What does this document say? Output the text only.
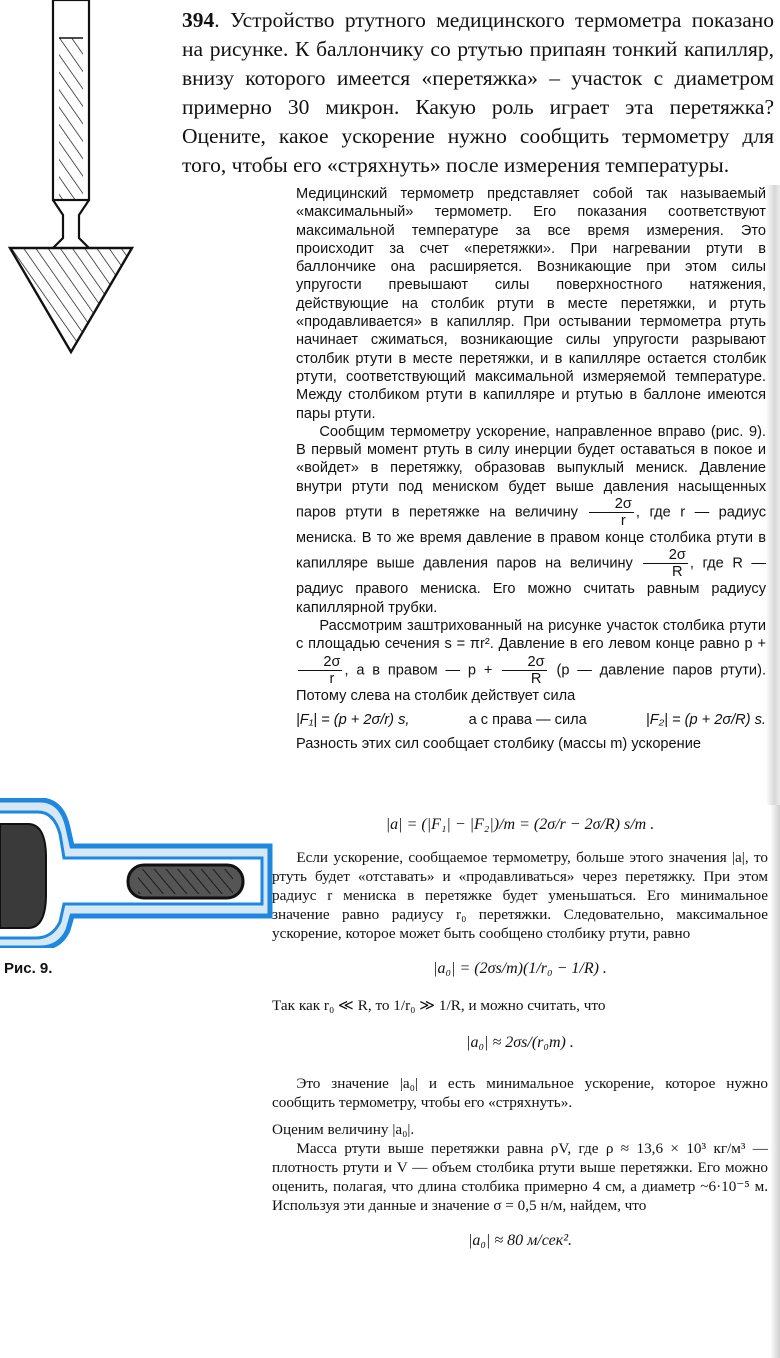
394. Устройство ртутного медицинского термометра показано на рисунке. К баллончику со ртутью припаян тонкий капилляр, внизу которого имеется «перетяжка» – участок с диаметром примерно 30 микрон. Какую роль играет эта перетяжка? Оцените, какое ускорение нужно сообщить термометру для того, чтобы его «стряхнуть» после измерения температуры.

Медицинский термометр представляет собой так называемый «максимальный» термометр. Его показания соответствуют максимальной температуре за все время измерения. Это происходит за счет «перетяжки». При нагревании ртути в баллончике она расширяется. Возникающие при этом силы упругости превышают силы поверхностного натяжения, действующие на столбик ртути в месте перетяжки, и ртуть «продавливается» в капилляр. При остывании термометра ртуть начинает сжиматься, возникающие силы упругости разрывают столбик ртути в месте перетяжки, и в капилляре остается столбик ртути, соответствующий максимальной измеряемой температуре. Между столбиком ртути в капилляре и ртутью в баллоне имеются пары ртути.

Сообщим термометру ускорение, направленное вправо (рис. 9). В первый момент ртуть в силу инерции будет оставаться в покое и «войдет» в перетяжку, образовав выпуклый мениск. Давление внутри ртути под мениском будет выше давления насыщенных паров ртути в перетяжке на величину $\frac{2\sigma}{r}$ , где r — радиус мениска. В то же время давление в правом конце столбика ртути в капилляре выше давления паров на величину $\frac{2\sigma}{R}$ , где R — радиус правого мениска. Его можно считать равным радиусу капиллярной трубки.

Рассмотрим заштрихованный на рисунке участок столбика ртути с площадью сечения s = πr². Давление в его левом конце равно p +
$\frac{2\sigma}{r}$ , а в правом — $p + \frac{2\sigma}{R} (p$ — давление паров ртути). Потому слева на столбик действует сила

|F₁| = (p + 2σ/r) s,	а с права — сила	|F₂| = (p + 2σ/R) s.

Разность этих сил сообщает столбику (массы m) ускорение

Рис. 9.
|a| = (|F₁| − |F₂|)/m = (2σ/r − 2σ/R) s/m .

Если ускорение, сообщаемое термометру, больше этого значения |a|, то ртуть будет «отставать» и «продавливаться» через перетяжку. При этом радиус r мениска в перетяжке будет уменьшаться. Его минимальное значение равно радиусу r₀ перетяжки. Следовательно, максимальное ускорение, которое может быть сообщено столбику ртути, равно

|a₀| = (2σs/m)(1/r₀ − 1/R) .

Так как r₀ ≪ R, то 1/r₀ ≫ 1/R, и можно считать, что

|a₀| ≈ 2σs/(r₀m) .

Это значение |a₀| и есть минимальное ускорение, которое нужно сообщить термометру, чтобы его «стряхнуть».

Оценим величину |a₀|.

Масса ртути выше перетяжки равна ρV, где ρ ≈ 13,6 × 10³ кг/м³ — плотность ртути и V — объем столбика ртути выше перетяжки. Его можно оценить, полагая, что длина столбика примерно 4 см, а диаметр ~6·10⁻⁵ м. Используя эти данные и значение σ = 0,5 н/м, найдем, что

|a₀| ≈ 80 м/сек².
